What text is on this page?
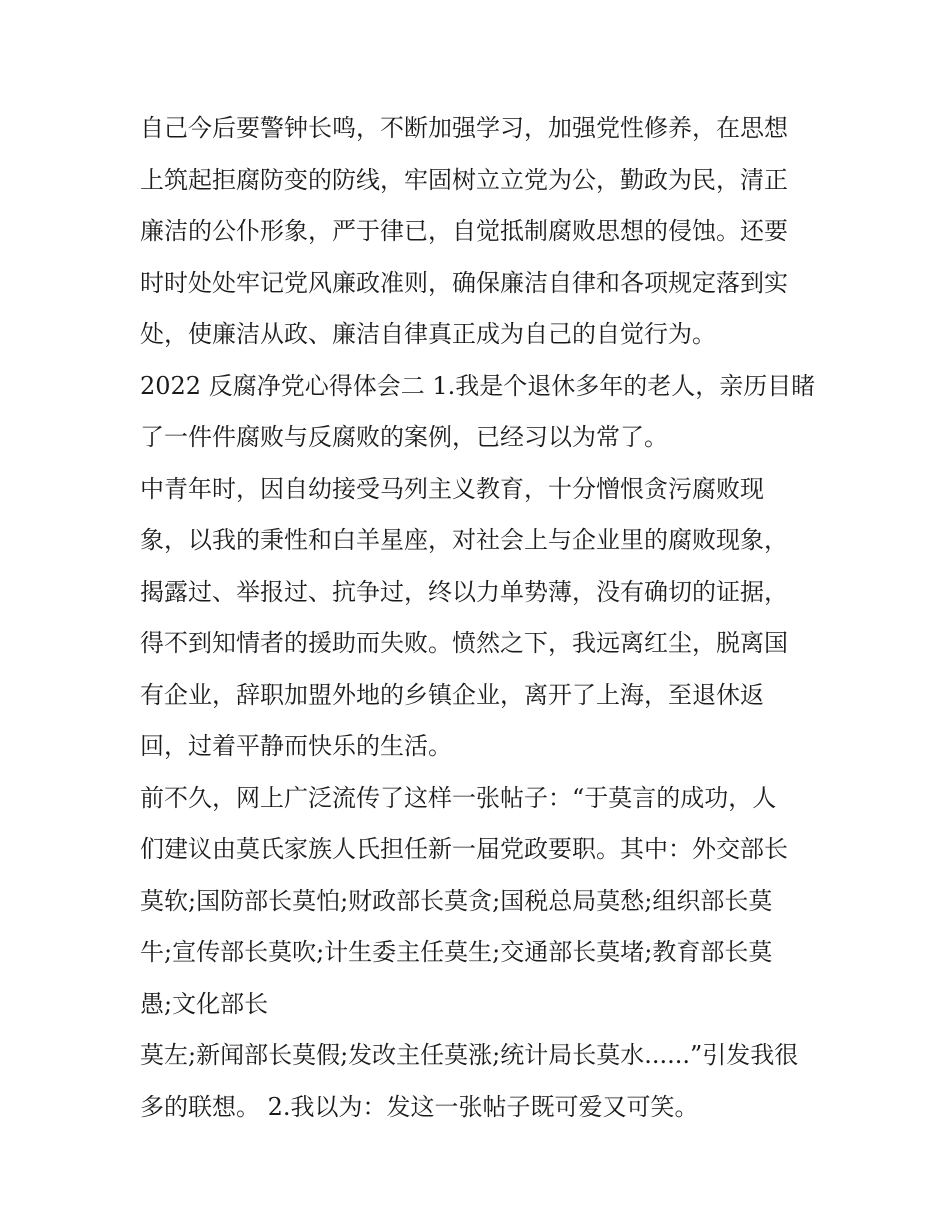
自己今后要警钟长鸣，不断加强学习，加强党性修养，在思想
上筑起拒腐防变的防线，牢固树立立党为公，勤政为民，清正
廉洁的公仆形象，严于律已，自觉抵制腐败思想的侵蚀。还要
时时处处牢记党风廉政准则，确保廉洁自律和各项规定落到实
处，使廉洁从政、廉洁自律真正成为自己的自觉行为。
2022 反腐净党心得体会二 1.我是个退休多年的老人，亲历目睹
了一件件腐败与反腐败的案例，已经习以为常了。
中青年时，因自幼接受马列主义教育，十分憎恨贪污腐败现
象，以我的秉性和白羊星座，对社会上与企业里的腐败现象，
揭露过、举报过、抗争过，终以力单势薄，没有确切的证据，
得不到知情者的援助而失败。愤然之下，我远离红尘，脱离国
有企业，辞职加盟外地的乡镇企业，离开了上海，至退休返
回，过着平静而快乐的生活。
前不久，网上广泛流传了这样一张帖子：“于莫言的成功，人
们建议由莫氏家族人氏担任新一届党政要职。其中：外交部长
莫软;国防部长莫怕;财政部长莫贪;国税总局莫愁;组织部长莫
牛;宣传部长莫吹;计生委主任莫生;交通部长莫堵;教育部长莫
愚;文化部长
莫左;新闻部长莫假;发改主任莫涨;统计局长莫水......”引发我很
多的联想。 2.我以为：发这一张帖子既可爱又可笑。
